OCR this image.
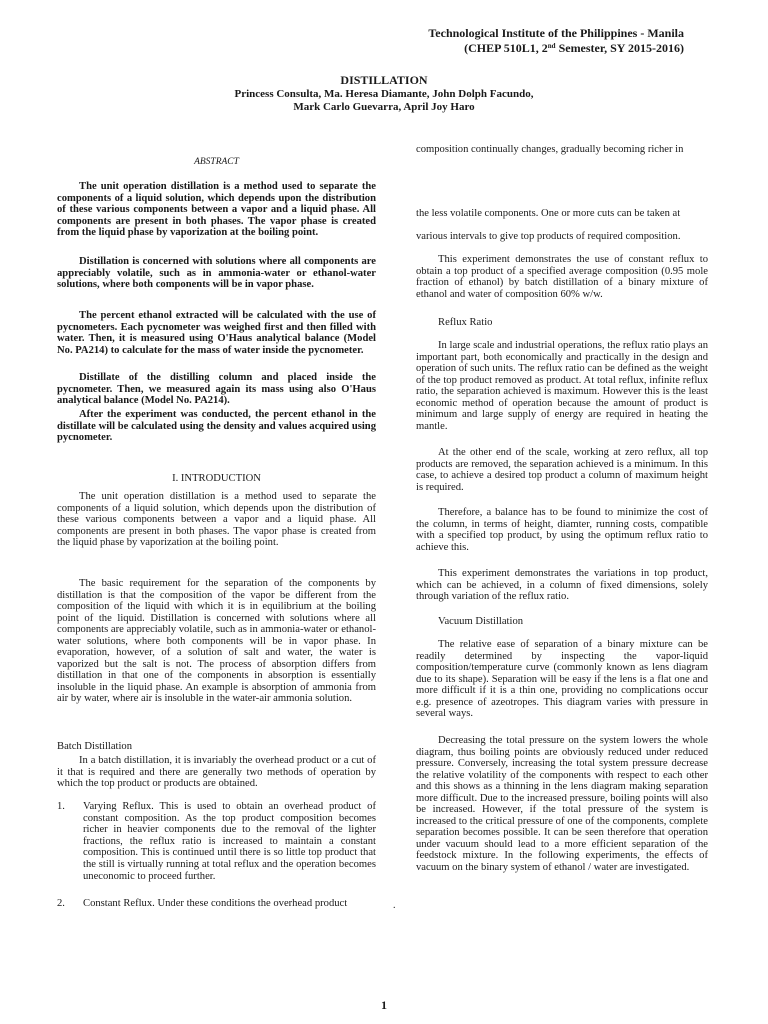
Technological Institute of the Philippines - Manila
(CHEP 510L1, 2nd Semester, SY 2015-2016)
DISTILLATION
Princess Consulta, Ma. Heresa Diamante, John Dolph Facundo,
Mark Carlo Guevarra, April Joy Haro
ABSTRACT

The unit operation distillation is a method used to separate the components of a liquid solution, which depends upon the distribution of these various components between a vapor and a liquid phase. All components are present in both phases. The vapor phase is created from the liquid phase by vaporization at the boiling point.

Distillation is concerned with solutions where all components are appreciably volatile, such as in ammonia-water or ethanol-water solutions, where both components will be in vapor phase.

The percent ethanol extracted will be calculated with the use of pycnometers. Each pycnometer was weighed first and then filled with water. Then, it is measured using O'Haus analytical balance (Model No. PA214) to calculate for the mass of water inside the pycnometer.

Distillate of the distilling column and placed inside the pycnometer. Then, we measured again its mass using also O'Haus analytical balance (Model No. PA214).

After the experiment was conducted, the percent ethanol in the distillate will be calculated using the density and values acquired using pycnometer.

I. INTRODUCTION

The unit operation distillation is a method used to separate the components of a liquid solution, which depends upon the distribution of these various components between a vapor and a liquid phase. All components are present in both phases. The vapor phase is created from the liquid phase by vaporization at the boiling point.

The basic requirement for the separation of the components by distillation is that the composition of the vapor be different from the composition of the liquid with which it is in equilibrium at the boiling point of the liquid. Distillation is concerned with solutions where all components are appreciably volatile, such as in ammonia-water or ethanol-water solutions, where both components will be in vapor phase. In evaporation, however, of a solution of salt and water, the water is vaporized but the salt is not. The process of absorption differs from distillation in that one of the components in absorption is essentially insoluble in the liquid phase. An example is absorption of ammonia from air by water, where air is insoluble in the water-air ammonia solution.

Batch Distillation

In a batch distillation, it is invariably the overhead product or a cut of it that is required and there are generally two methods of operation by which the top product or products are obtained.

1.	Varying Reflux. This is used to obtain an overhead product of constant composition. As the top product composition becomes richer in heavier components due to the removal of the lighter fractions, the reflux ratio is increased to maintain a constant composition. This is continued until there is so little top product that the still is virtually running at total reflux and the operation becomes uneconomic to proceed further.
2.	Constant Reflux. Under these conditions the overhead product
composition continually changes, gradually becoming richer in
the less volatile components. One or more cuts can be taken at
various intervals to give top products of required composition.

This experiment demonstrates the use of constant reflux to obtain a top product of a specified average composition (0.95 mole fraction of ethanol) by batch distillation of a binary mixture of ethanol and water of composition 60% w/w.

Reflux Ratio

In large scale and industrial operations, the reflux ratio plays an important part, both economically and practically in the design and operation of such units. The reflux ratio can be defined as the weight of the top product removed as product. At total reflux, infinite reflux ratio, the separation achieved is maximum. However this is the least economic method of operation because the amount of product is minimum and large supply of energy are required in heating the mantle.

At the other end of the scale, working at zero reflux, all top products are removed, the separation achieved is a minimum. In this case, to achieve a desired top product a column of maximum height is required.

Therefore, a balance has to be found to minimize the cost of the column, in terms of height, diamter, running costs, compatible with a specified top product, by using the optimum reflux ratio to achieve this.

This experiment demonstrates the variations in top product, which can be achieved, in a column of fixed dimensions, solely through variation of the reflux ratio.

Vacuum Distillation

The relative ease of separation of a binary mixture can be readily determined by inspecting the vapor-liquid composition/temperature curve (commonly known as lens diagram due to its shape). Separation will be easy if the lens is a flat one and more difficult if it is a thin one, providing no complications occur e.g. presence of azeotropes. This diagram varies with pressure in several ways.

Decreasing the total pressure on the system lowers the whole diagram, thus boiling points are obviously reduced under reduced pressure. Conversely, increasing the total system pressure decrease the relative volatility of the components with respect to each other and this shows as a thinning in the lens diagram making separation more difficult. Due to the increased pressure, boiling points will also be increased. However, if the total pressure of the system is increased to the critical pressure of one of the components, complete separation becomes possible. It can be seen therefore that operation under vacuum should lead to a more efficient separation of the feedstock mixture. In the following experiments, the effects of vacuum on the binary system of ethanol / water are investigated.

.
1
